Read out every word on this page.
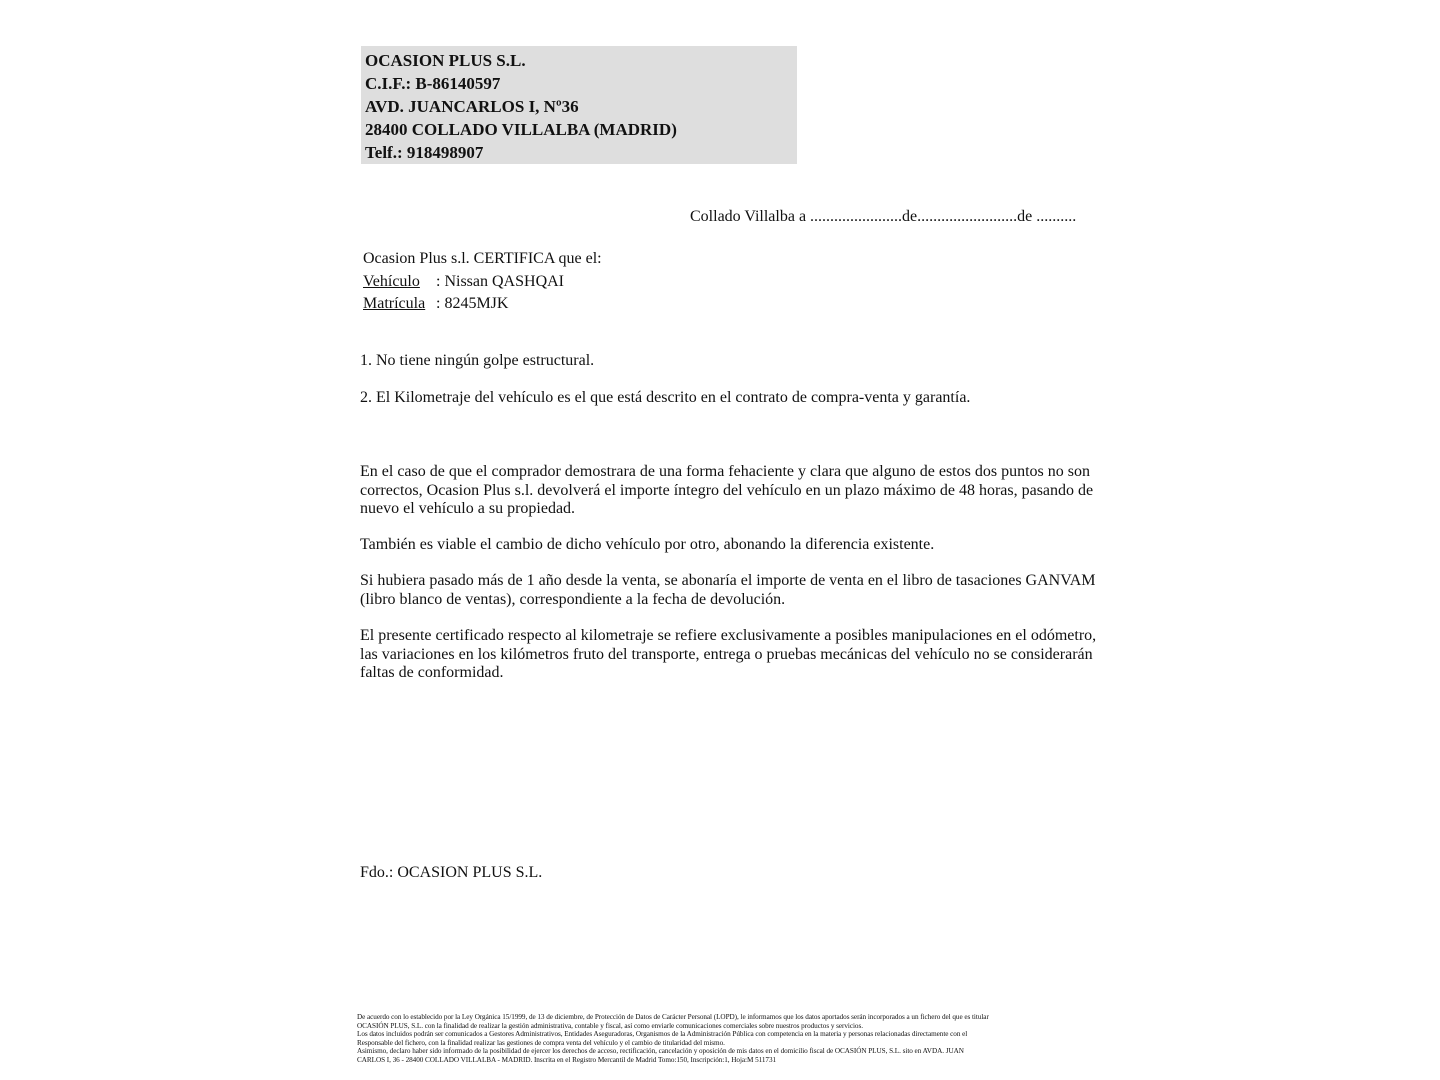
OCASION PLUS S.L.
C.I.F.: B-86140597
AVD. JUANCARLOS I, Nº36
28400 COLLADO VILLALBA (MADRID)
Telf.: 918498907
Collado Villalba a .......................de.........................de ..........
Ocasion Plus s.l. CERTIFICA que el:
Vehículo : Nissan QASHQAI
Matrícula : 8245MJK
1. No tiene ningún golpe estructural.
2. El Kilometraje del vehículo es el que está descrito en el contrato de compra-venta y garantía.
En el caso de que el comprador demostrara de una forma fehaciente y clara que alguno de estos dos puntos no son correctos, Ocasion Plus s.l. devolverá el importe íntegro del vehículo en un plazo máximo de 48 horas, pasando de nuevo el vehículo a su propiedad.
También es viable el cambio de dicho vehículo por otro, abonando la diferencia existente.
Si hubiera pasado más de 1 año desde la venta, se abonaría el importe de venta en el libro de tasaciones GANVAM (libro blanco de ventas), correspondiente a la fecha de devolución.
El presente certificado respecto al kilometraje se refiere exclusivamente a posibles manipulaciones en el odómetro, las variaciones en los kilómetros fruto del transporte, entrega o pruebas mecánicas del vehículo no se considerarán faltas de conformidad.
Fdo.: OCASION PLUS S.L.
De acuerdo con lo establecido por la Ley Orgánica 15/1999, de 13 de diciembre, de Protección de Datos de Carácter Personal (LOPD), le informamos que los datos aportados serán incorporados a un fichero del que es titular
OCASIÓN PLUS, S.L. con la finalidad de realizar la gestión administrativa, contable y fiscal, así como enviarle comunicaciones comerciales sobre nuestros productos y servicios.
Los datos incluidos podrán ser comunicados a Gestores Administrativos, Entidades Aseguradoras, Organismos de la Administración Pública con competencia en la materia y personas relacionadas directamente con el
Responsable del fichero, con la finalidad realizar las gestiones de compra venta del vehículo y el cambio de titularidad del mismo.
Asimismo, declaro haber sido informado de la posibilidad de ejercer los derechos de acceso, rectificación, cancelación y oposición de mis datos en el domicilio fiscal de OCASIÓN PLUS, S.L. sito en AVDA. JUAN
CARLOS I, 36 - 28400 COLLADO VILLALBA - MADRID. Inscrita en el Registro Mercantil de Madrid Tomo:150, Inscripción:1, Hoja:M 511731
